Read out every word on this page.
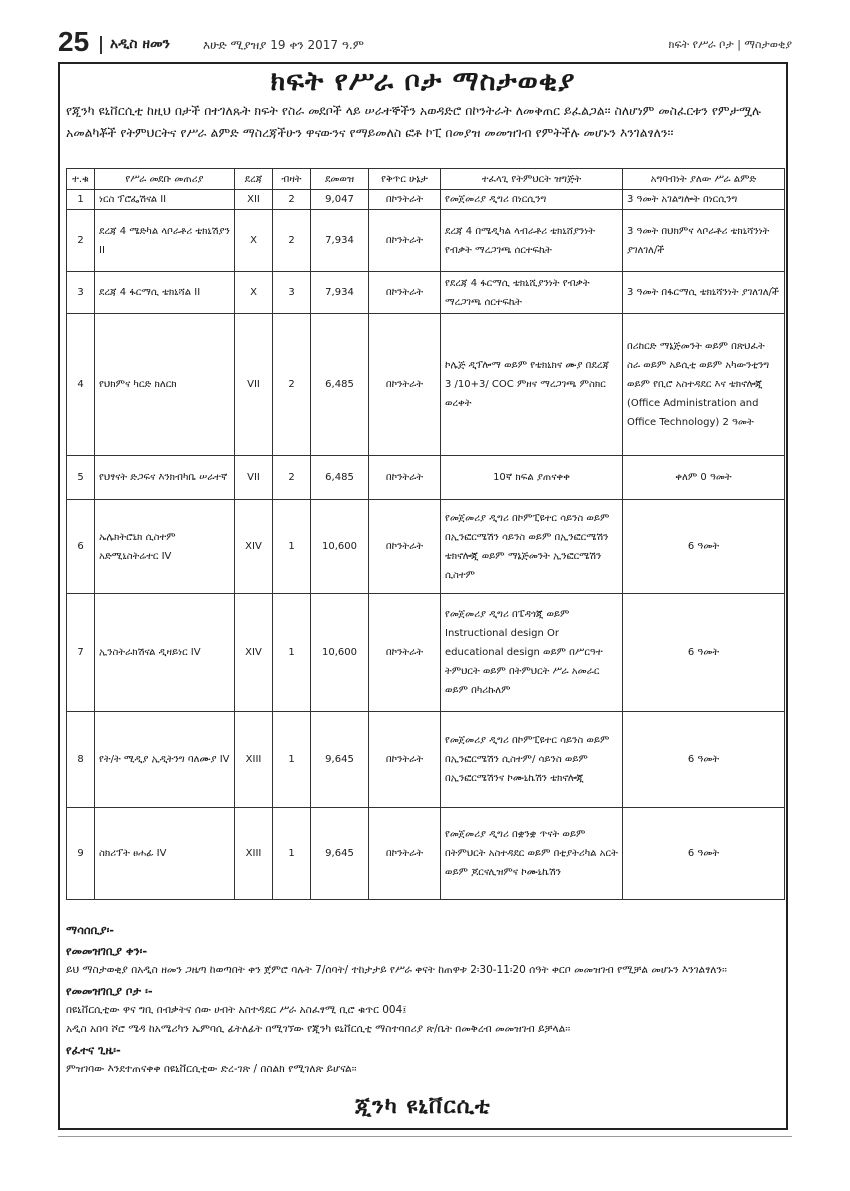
25 አዲስ ዘመን	እሁድ ሚያዝያ 19 ቀን 2017 ዓ.ም	ክፍት የሥራ ቦታ | ማስታወቂያ
ክፍት የሥራ ቦታ ማስታወቂያ
የጂንካ ዩኒቨርሲቲ ከዚህ በታች በተገለጹት ክፍት የስራ መደቦች ላይ ሠራተኞችን አወዳድሮ በኮንትራት ለመቅጠር ይፈልጋል፡፡ ስለሆነም መስፈርቱን የምታሟሉ አመልካቾች የትምህርትና የሥራ ልምድ ማስረጃችሁን ዋናውንና የማይመለስ ፎቶ ኮፒ በመያዝ መመዝገብ የምትችሉ መሆኑን እንገልፃለን፡፡
ተ.ቁ	የሥራ መደቡ መጠሪያ	ደረጃ	ብዛት	ደመወዝ	የቅጥር ሁኔታ	ተፈላጊ የትምህርት ዝግጅት	አግባብነት ያለው ሥራ ልምድ
1	ነርስ ፕሮፌሽናል II	XII	2	9,047	በኮንትራት	የመጀመሪያ ዲግሪ በነርሲንግ	3 ዓመት አገልግሎት በነርሲንግ
2	ደረጃ 4 ሜድካል ላቦራቶሪ ቴክኒሽያን II	X	2	7,934	በኮንትራት	ደረጃ 4 በሜዲካል ላብራቶሪ ቴክኒሸያንነት የብቃት ማረጋገጫ ሰርተፍኬት	3 ዓመት በህክምና ላቦራቶሪ ቴክኒሻንነት ያገለገለ/ች
3	ደረጃ 4 ፋርማሲ ቴክኒሻል II	X	3	7,934	በኮንትራት	የደረጃ 4 ፋርማሲ ቴክኒሺያንነት የብቃት ማረጋገጫ ሰርተፍኬት	3 ዓመት በፋርማሲ ቴክኒሻንነት ያገለገለ/ች
4	የህክምና ካርድ ክለርክ	VII	2	6,485	በኮንትራት	ኮሌጅ ዲፕሎማ ወይም የቴክኒክና ሙያ በደረጃ 3 /10+3/ COC ምዘና ማረጋገጫ ምስክር ወረቀት	በሪከርድ ማኔጅመንት ወይም በጽህፈት ስራ ወይም አይሲቲ ወይም አካውንቲንግ ወይም የቢሮ አስተዳደር እና ቴክኖሎጂ (Office Administration and Office Technology) 2 ዓመት
5	የህፃናት ድጋፍና እንክብካቤ ሠራተኛ	VII	2	6,485	በኮንትራት	10ኛ ክፍል ያጠናቀቀ	ቀለም 0 ዓመት
6	ኤሌክትሮኒክ ሲስተም አድሚኒስትሬተር IV	XIV	1	10,600	በኮንትራት	የመጀመሪያ ዲግሪ በኮምፒዩተር ሳይንስ ወይም በኢንፎርሜሽን ሳይንስ ወይም በኢንፎርሜሽን ቴክኖሎጂ ወይም ማኔጅመንት ኢንፎርሜሽን ሲስተም	6 ዓመት
7	ኢንስትራክሽናል ዲዛይነር IV	XIV	1	10,600	በኮንትራት	የመጀመሪያ ዲግሪ በፔዳጎጂ ወይም Instructional design Or educational design ወይም በሥርዓተ ትምህርት ወይም በትምህርት ሥራ አመራር ወይም በካሪኩለም	6 ዓመት
8	የት/ት ሚዲያ ኢዲትንግ ባለሙያ IV	XIII	1	9,645	በኮንትራት	የመጀመሪያ ዲግሪ በኮምፒዩተር ሳይንስ ወይም በኢንፎርሜሽን ሲስተም/ ሳይንስ ወይም በኢንፎርሜሽንና ኮሙኒኬሽን ቴክኖሎጂ	6 ዓመት
9	ስክሪፕት ፀሐፊ IV	XIII	1	9,645	በኮንትራት	የመጀመሪያ ዲግሪ በቋንቋ ጥናት ወይም በትምህርት አስተዳደር ወይም በቲያትሪካል አርት ወይም ጆርናሊዝምና ኮሙኒኬሽን	6 ዓመት
ማሳሰቢያ፡-
የመመዝገቢያ ቀን፡-

ይህ ማስታወቂያ በአዲስ ዘመን ጋዜጣ ከወጣበት ቀን ጀምሮ ባሉት 7/ሰባት/ ተከታታይ የሥራ ቀናት ከጠዋቱ 2፡30-11፡20 ሰዓት ቀርቦ መመዝገብ የሚቻል መሆኑን እንገልፃለን፡፡

የመመዝገቢያ ቦታ ፡-

በዩኒቨርሲቲው ዋና ግቢ በብቃትና ሰው ሀብት አስተዳደር ሥራ አስፈፃሚ ቢሮ ቁጥር 004፤

አዲስ አበባ ሾሮ ሜዳ ከአሜሪካን ኤምባሲ ፊትለፊት በሚገኘው የጂንካ ዩኒቨርሲቲ ማስተባበሪያ ጽ/ቤት በመቅረብ መመዝገብ ይቻላል፡፡

የፈተና ጊዜ፡-

ምዝገባው እንደተጠናቀቀ በዩኒቨርሲቲው ድረ-ገጽ / በስልክ የሚገለጽ ይሆናል፡፡

ጂንካ ዩኒቨርሲቲ
